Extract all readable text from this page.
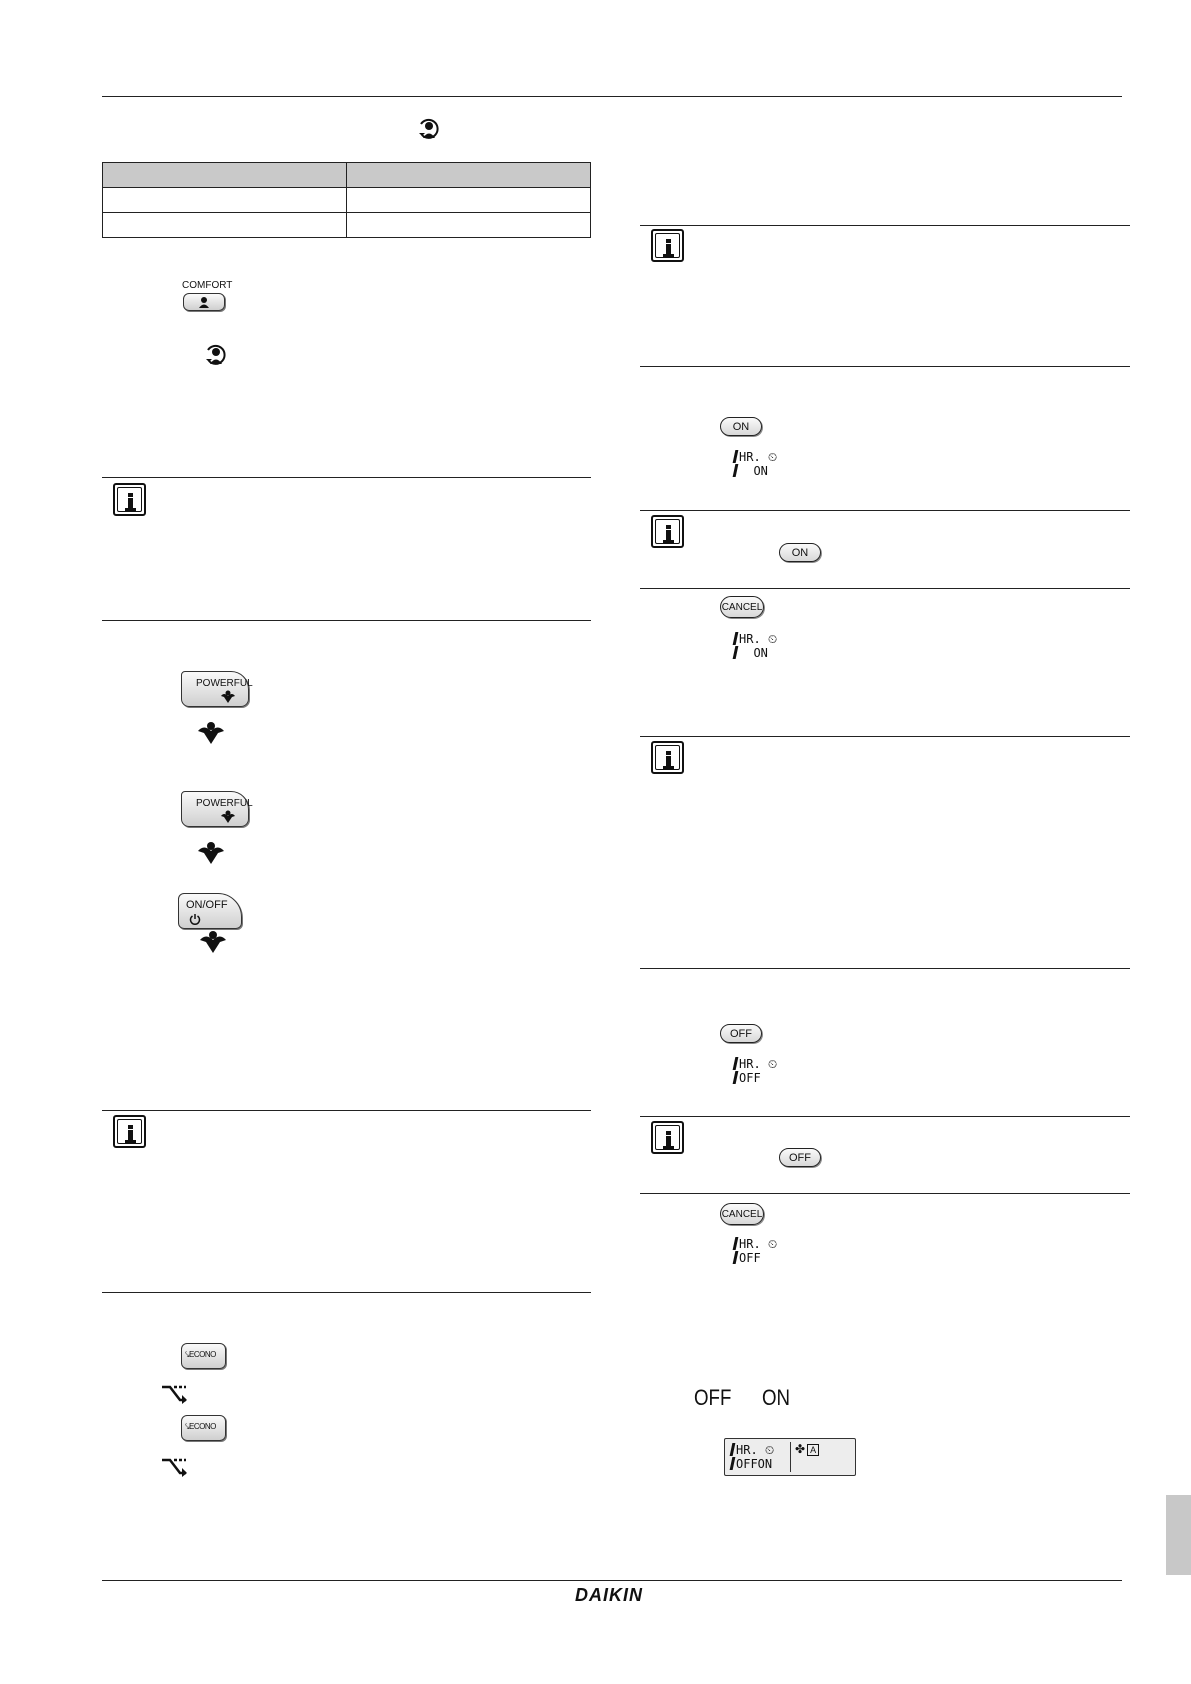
COMFORT
POWERFUL
POWERFUL
ON/OFF
⤥ECONO
⤥ECONO
ON
HR. ⏲
ON
ON
CANCEL
HR. ⏲
ON
OFF
HR. ⏲
OFF
OFF
CANCEL
HR. ⏲
OFF
OFF ON
HR. ⏲
OFFON
✤ A
DAIKIN
